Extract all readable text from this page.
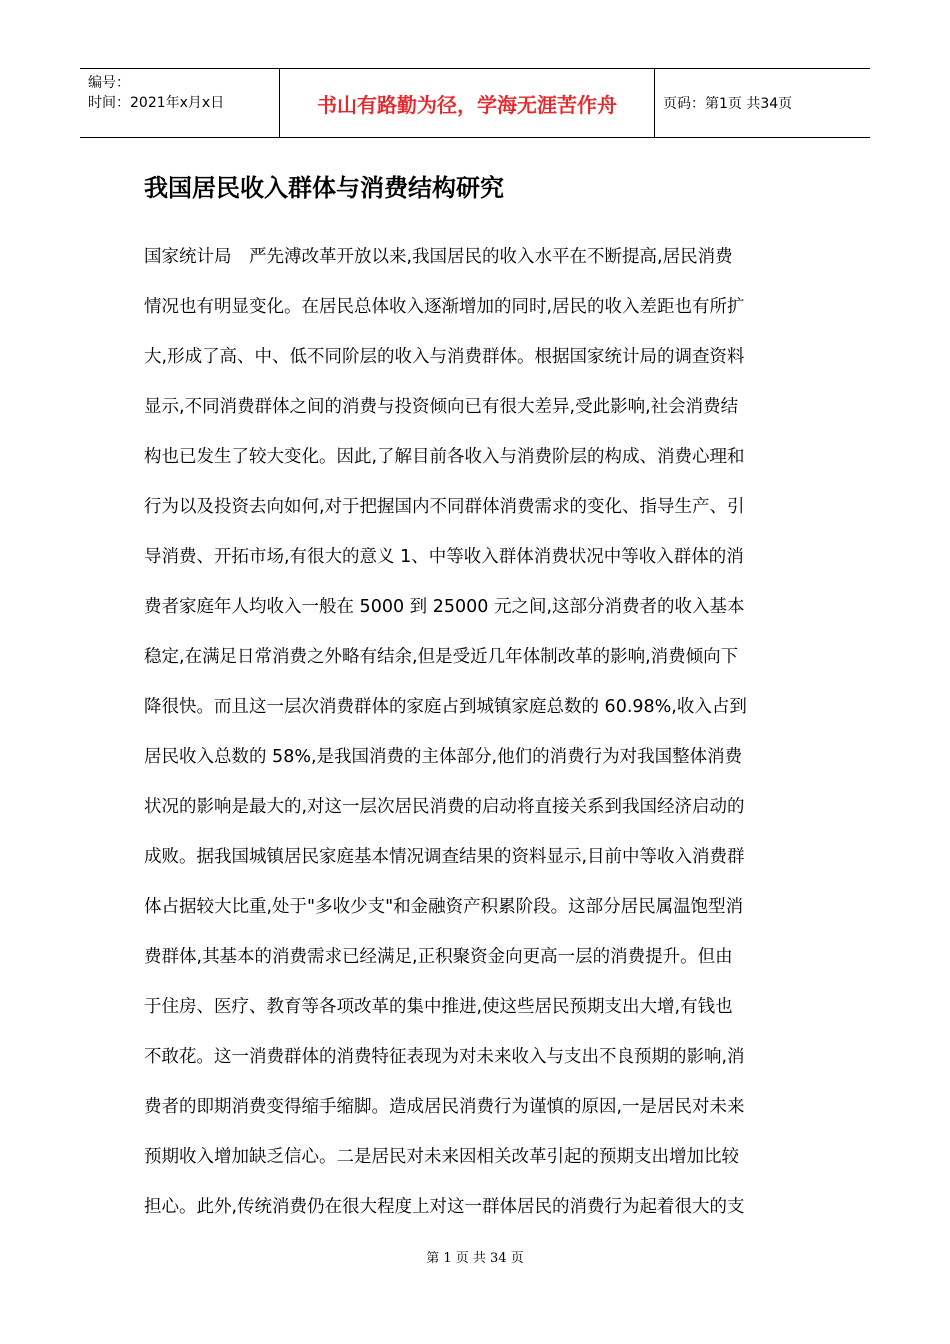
编号：
时间：2021年x月x日	书山有路勤为径，学海无涯苦作舟	页码：第1页 共34页
我国居民收入群体与消费结构研究
国家统计局　严先溥改革开放以来,我国居民的收入水平在不断提高,居民消费
情况也有明显变化。在居民总体收入逐渐增加的同时,居民的收入差距也有所扩
大,形成了高、中、低不同阶层的收入与消费群体。根据国家统计局的调查资料
显示,不同消费群体之间的消费与投资倾向已有很大差异,受此影响,社会消费结
构也已发生了较大变化。因此,了解目前各收入与消费阶层的构成、消费心理和
行为以及投资去向如何,对于把握国内不同群体消费需求的变化、指导生产、引
导消费、开拓市场,有很大的意义 1、中等收入群体消费状况中等收入群体的消
费者家庭年人均收入一般在 5000 到 25000 元之间,这部分消费者的收入基本
稳定,在满足日常消费之外略有结余,但是受近几年体制改革的影响,消费倾向下
降很快。而且这一层次消费群体的家庭占到城镇家庭总数的 60.98%,收入占到
居民收入总数的 58%,是我国消费的主体部分,他们的消费行为对我国整体消费
状况的影响是最大的,对这一层次居民消费的启动将直接关系到我国经济启动的
成败。据我国城镇居民家庭基本情况调查结果的资料显示,目前中等收入消费群
体占据较大比重,处于"多收少支"和金融资产积累阶段。这部分居民属温饱型消
费群体,其基本的消费需求已经满足,正积聚资金向更高一层的消费提升。但由
于住房、医疗、教育等各项改革的集中推进,使这些居民预期支出大增,有钱也
不敢花。这一消费群体的消费特征表现为对未来收入与支出不良预期的影响,消
费者的即期消费变得缩手缩脚。造成居民消费行为谨慎的原因,一是居民对未来
预期收入增加缺乏信心。二是居民对未来因相关改革引起的预期支出增加比较
担心。此外,传统消费仍在很大程度上对这一群体居民的消费行为起着很大的支
第 1 页 共 34 页
